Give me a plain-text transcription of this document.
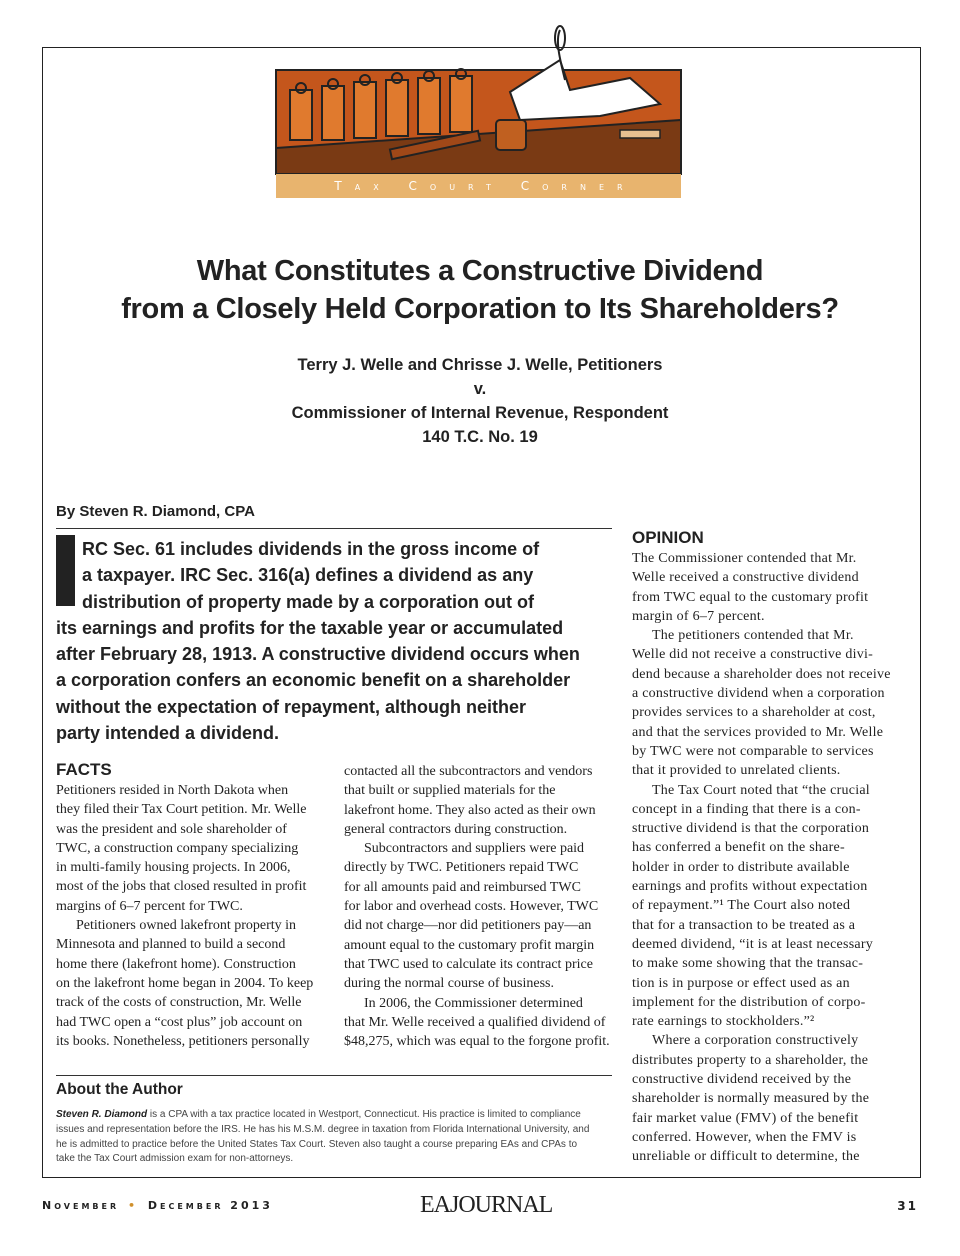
Tax Court Corner
What Constitutes a Constructive Dividend
from a Closely Held Corporation to Its Shareholders?
Terry J. Welle and Chrisse J. Welle, Petitioners
v.
Commissioner of Internal Revenue, Respondent
140 T.C. No. 19
By Steven R. Diamond, CPA
RC Sec. 61 includes dividends in the gross income of
a taxpayer. IRC Sec. 316(a) defines a dividend as any
distribution of property made by a corporation out of
its earnings and profits for the taxable year or accumulated
after February 28, 1913. A constructive dividend occurs when
a corporation confers an economic benefit on a shareholder
without the expectation of repayment, although neither
party intended a dividend.
FACTS
Petitioners resided in North Dakota when
they filed their Tax Court petition. Mr. Welle
was the president and sole shareholder of
TWC, a construction company specializing
in multi-family housing projects. In 2006,
most of the jobs that closed resulted in profit
margins of 6–7 percent for TWC.
Petitioners owned lakefront property in
Minnesota and planned to build a second
home there (lakefront home). Construction
on the lakefront home began in 2004. To keep
track of the costs of construction, Mr. Welle
had TWC open a “cost plus” job account on
its books. Nonetheless, petitioners personally
contacted all the subcontractors and vendors
that built or supplied materials for the
lakefront home. They also acted as their own
general contractors during construction.
Subcontractors and suppliers were paid
directly by TWC. Petitioners repaid TWC
for all amounts paid and reimbursed TWC
for labor and overhead costs. However, TWC
did not charge—nor did petitioners pay—an
amount equal to the customary profit margin
that TWC used to calculate its contract price
during the normal course of business.
In 2006, the Commissioner determined
that Mr. Welle received a qualified dividend of
$48,275, which was equal to the forgone profit.
OPINION
The Commissioner contended that Mr.
Welle received a constructive dividend
from TWC equal to the customary profit
margin of 6–7 percent.
The petitioners contended that Mr.
Welle did not receive a constructive divi-
dend because a shareholder does not receive
a constructive dividend when a corporation
provides services to a shareholder at cost,
and that the services provided to Mr. Welle
by TWC were not comparable to services
that it provided to unrelated clients.
The Tax Court noted that “the crucial
concept in a finding that there is a con-
structive dividend is that the corporation
has conferred a benefit on the share-
holder in order to distribute available
earnings and profits without expectation
of repayment.”¹ The Court also noted
that for a transaction to be treated as a
deemed dividend, “it is at least necessary
to make some showing that the transac-
tion is in purpose or effect used as an
implement for the distribution of corpo-
rate earnings to stockholders.”²
Where a corporation constructively
distributes property to a shareholder, the
constructive dividend received by the
shareholder is normally measured by the
fair market value (FMV) of the benefit
conferred. However, when the FMV is
unreliable or difficult to determine, the
About the Author
Steven R. Diamond is a CPA with a tax practice located in Westport, Connecticut. His practice is limited to compliance
issues and representation before the IRS. He has his M.S.M. degree in taxation from Florida International University, and
he is admitted to practice before the United States Tax Court. Steven also taught a course preparing EAs and CPAs to
take the Tax Court admission exam for non-attorneys.
November • December 2013	EAJOURNAL	31
